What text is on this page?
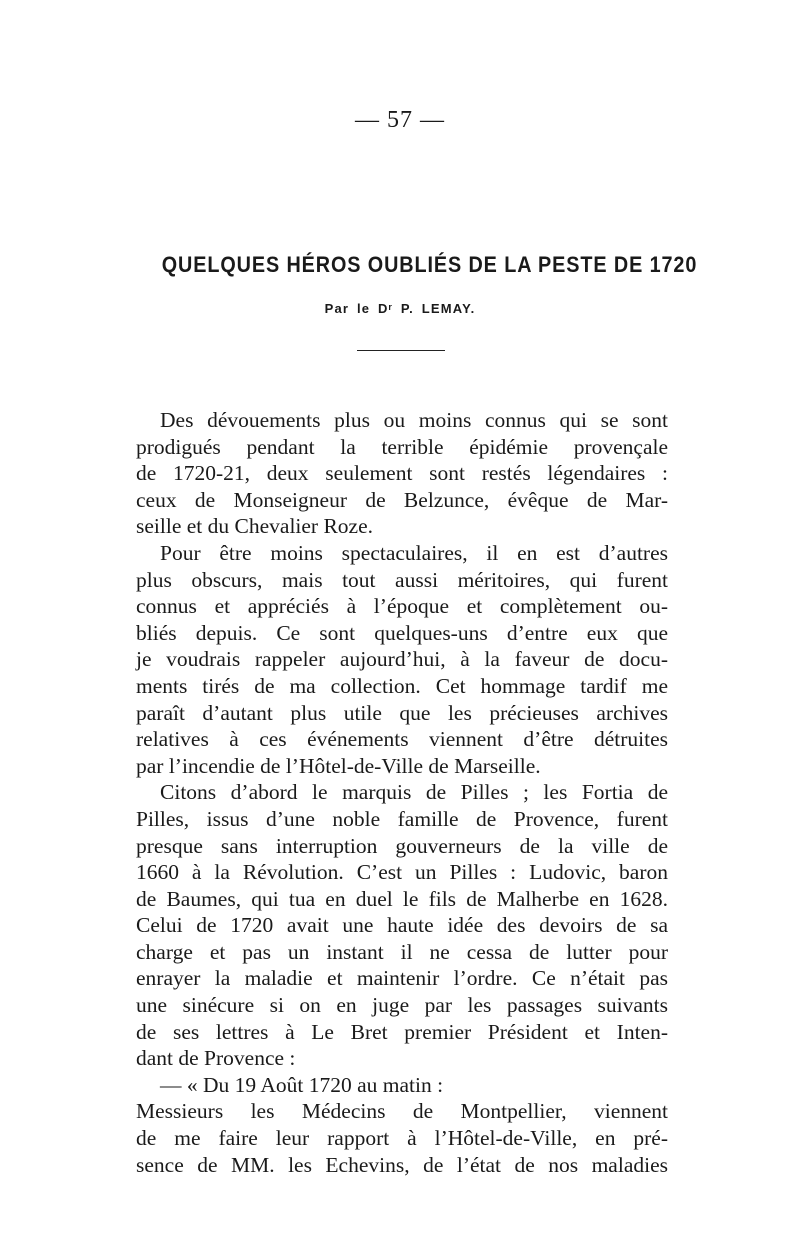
— 57 —
QUELQUES HÉROS OUBLIÉS DE LA PESTE DE 1720
Par le Dʳ P. LEMAY.
Des dévouements plus ou moins connus qui se sont
prodigués pendant la terrible épidémie provençale
de 1720-21, deux seulement sont restés légendaires :
ceux de Monseigneur de Belzunce, évêque de Mar-
seille et du Chevalier Roze.
Pour être moins spectaculaires, il en est d’autres
plus obscurs, mais tout aussi méritoires, qui furent
connus et appréciés à l’époque et complètement ou-
bliés depuis. Ce sont quelques-uns d’entre eux que
je voudrais rappeler aujourd’hui, à la faveur de docu-
ments tirés de ma collection. Cet hommage tardif me
paraît d’autant plus utile que les précieuses archives
relatives à ces événements viennent d’être détruites
par l’incendie de l’Hôtel-de-Ville de Marseille.
Citons d’abord le marquis de Pilles ; les Fortia de
Pilles, issus d’une noble famille de Provence, furent
presque sans interruption gouverneurs de la ville de
1660 à la Révolution. C’est un Pilles : Ludovic, baron
de Baumes, qui tua en duel le fils de Malherbe en 1628.
Celui de 1720 avait une haute idée des devoirs de sa
charge et pas un instant il ne cessa de lutter pour
enrayer la maladie et maintenir l’ordre. Ce n’était pas
une sinécure si on en juge par les passages suivants
de ses lettres à Le Bret premier Président et Inten-
dant de Provence :
— « Du 19 Août 1720 au matin :
Messieurs les Médecins de Montpellier, viennent
de me faire leur rapport à l’Hôtel-de-Ville, en pré-
sence de MM. les Echevins, de l’état de nos maladies
